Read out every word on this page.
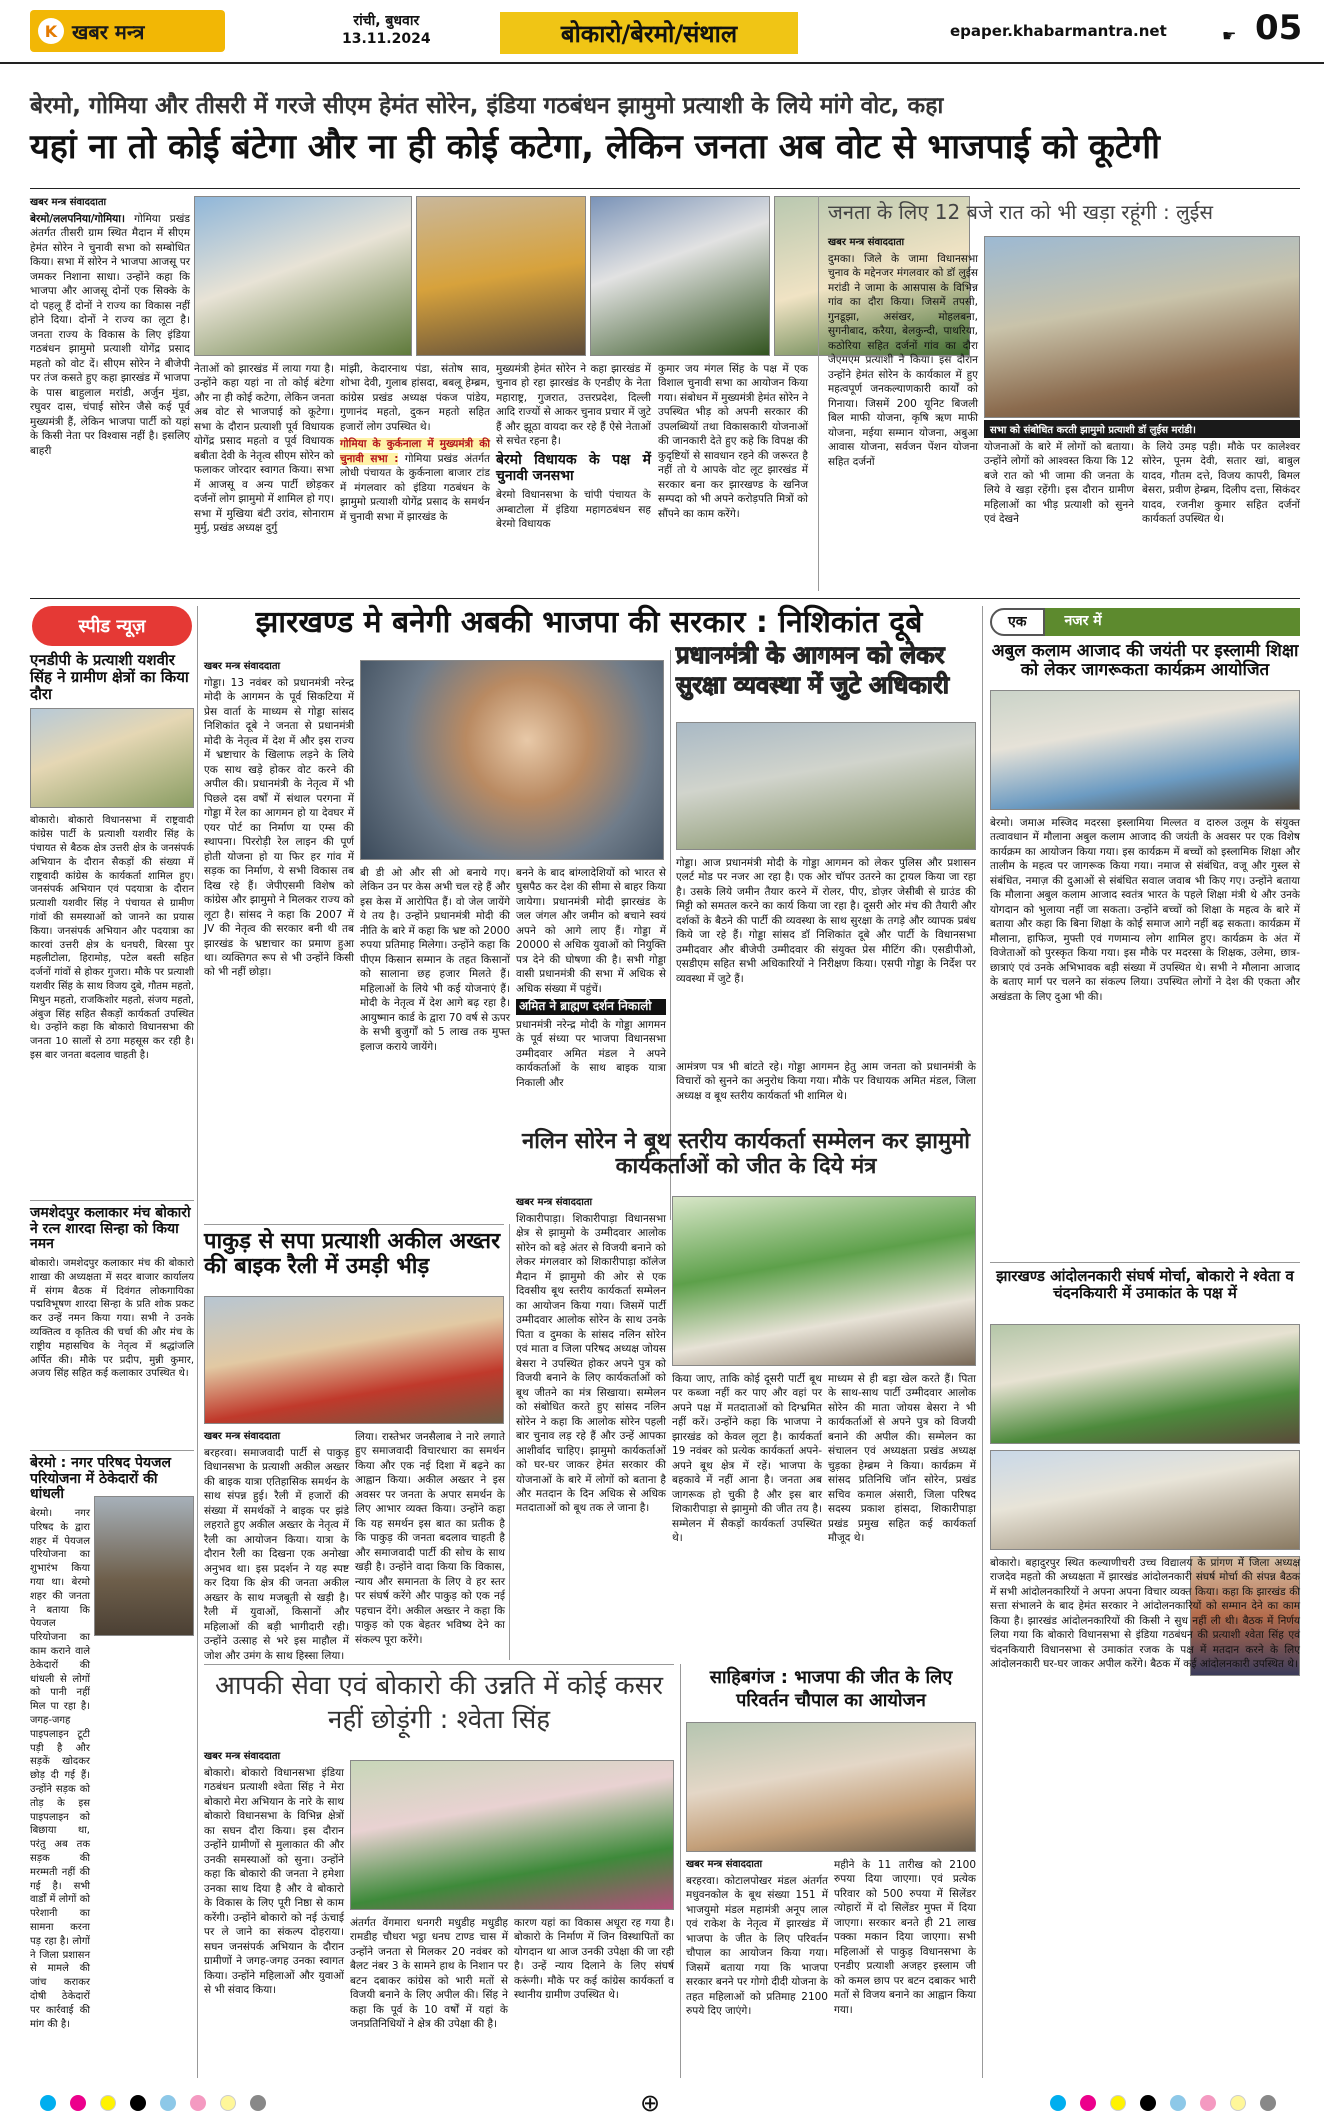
K खबर मन्त्र	रांची, बुधवार
13.11.2024	बोकारो/बेरमो/संथाल	epaper.khabarmantra.net	☛ 05
बेरमो, गोमिया और तीसरी में गरजे सीएम हेमंत सोरेन, इंडिया गठबंधन झामुमो प्रत्याशी के लिये मांगे वोट, कहा
यहां ना तो कोई बंटेगा और ना ही कोई कटेगा, लेकिन जनता अब वोट से भाजपाई को कूटेगी
खबर मन्त्र संवाददाता

बेरमो/ललपनिया/गोमिया। गोमिया प्रखंड अंतर्गत तीसरी ग्राम स्थित मैदान में सीएम हेमंत सोरेन ने चुनावी सभा को सम्बोधित किया। सभा में सोरेन ने भाजपा आजसू पर जमकर निशाना साधा। उन्होंने कहा कि भाजपा और आजसू दोनों एक सिक्के के दो पहलू हैं दोनों ने राज्य का विकास नहीं होने दिया। दोनों ने राज्य का लूटा है। जनता राज्य के विकास के लिए इंडिया गठबंधन झामुमो प्रत्याशी योगेंद्र प्रसाद महतो को वोट दें। सीएम सोरेन ने बीजेपी पर तंज कसते हुए कहा झारखंड में भाजपा के पास बाहुलाल मरांडी, अर्जुन मुंडा, रघुवर दास, चंपाई सोरेन जैसे कई पूर्व मुख्यमंत्री हैं, लेकिन भाजपा पार्टी को यहां के किसी नेता पर विश्वास नहीं है। इसलिए बाहरी

नेताओं को झारखंड में लाया गया है। उन्होंने कहा यहां ना तो कोई बंटेगा और ना ही कोई कटेगा, लेकिन जनता अब वोट से भाजपाई को कूटेगा। सभा के दौरान प्रत्याशी पूर्व विधायक योगेंद्र प्रसाद महतो व पूर्व विधायक बबीता देवी के नेतृत्व सीएम सोरेन को फलाकर जोरदार स्वागत किया। सभा में आजसू व अन्य पार्टी छोड़कर दर्जनों लोग झामुमो में शामिल हो गए। सभा में मुखिया बंटी उरांव, सोनाराम मुर्मु, प्रखंड अध्यक्ष दुर्गु

मांझी, केदारनाथ पंडा, संतोष साव, शोभा देवी, गुलाब हांसदा, बबलू हेम्ब्रम, कांग्रेस प्रखंड अध्यक्ष पंकज पांडेय, गुणानंद महतो, दुकन महतो सहित हजारों लोग उपस्थित थे।

गोमिया के कुर्कनाला में मुख्यमंत्री की चुनावी सभा : गोमिया प्रखंड अंतर्गत लोधी पंचायत के कुर्कनाला बाजार टांड में मंगलवार को इंडिया गठबंधन के झामुमो प्रत्याशी योगेंद्र प्रसाद के समर्थन में चुनावी सभा में झारखंड के

मुख्यमंत्री हेमंत सोरेन ने कहा झारखंड में चुनाव हो रहा झारखंड के एनडीए के नेता महाराष्ट्र, गुजरात, उत्तरप्रदेश, दिल्ली आदि राज्यों से आकर चुनाव प्रचार में जुटे हैं और झूठा वायदा कर रहे हैं ऐसे नेताओं से सचेत रहना है।

बेरमो विधायक के पक्ष में चुनावी जनसभा

बेरमो विधानसभा के चांपी पंचायत के अम्बाटोला में इंडिया महागठबंधन सह बेरमो विधायक

कुमार जय मंगल सिंह के पक्ष में एक विशाल चुनावी सभा का आयोजन किया गया। संबोधन में मुख्यमंत्री हेमंत सोरेन ने उपस्थित भीड़ को अपनी सरकार की उपलब्धियों तथा विकासकारी योजनाओं की जानकारी देते हुए कहे कि विपक्ष की कुदृष्टियों से सावधान रहने की जरूरत है नहीं तो ये आपके वोट लूट झारखंड में सरकार बना कर झारखण्ड के खनिज सम्पदा को भी अपने करोड़पति मित्रों को सौंपने का काम करेंगे।

जनता के लिए 12 बजे रात को भी खड़ा रहूंगी : लुईस
खबर मन्त्र संवाददाता

दुमका। जिले के जामा विधानसभा चुनाव के मद्देनजर मंगलवार को डॉ लुईस मरांडी ने जामा के आसपास के विभिन्न गांव का दौरा किया। जिसमें तपसी, गुनडूझा, असंखर, मोहलबना, सुगनीबाद, करैया, बेलकुन्दी, पाथरिया, कठोरिया सहित दर्जनों गांव का दौरा जेएमएम प्रत्याशी ने किया। इस दौरान उन्होंने हेमंत सोरेन के कार्यकाल में हुए महत्वपूर्ण जनकल्याणकारी कार्यों को गिनाया। जिसमें 200 यूनिट बिजली बिल माफी योजना, कृषि ऋण माफी योजना, मईया सम्मान योजना, अबुआ आवास योजना, सर्वजन पेंशन योजना सहित दर्जनों

सभा को संबोधित करती झामुमो प्रत्याशी डॉ लुईस मरांडी।

योजनाओं के बारे में लोगों को बताया। उन्होंने लोगों को आश्वस्त किया कि 12 बजे रात को भी जामा की जनता के लिये वे खड़ा रहेंगी। इस दौरान ग्रामीण महिलाओं का भीड़ प्रत्याशी को सुनने एवं देखने

के लिये उमड़ पड़ी। मौके पर कालेश्वर सोरेन, पूनम देवी, सतार खां, बाबुल यादव, गौतम दत्ते, विजय कापरी, बिमल बेसरा, प्रवीण हेम्ब्रम, दिलीप दत्ता, सिकंदर यादव, रजनीश कुमार सहित दर्जनों कार्यकर्ता उपस्थित थे।

स्पीड न्यूज़
एनडीपी के प्रत्याशी यशवीर सिंह ने ग्रामीण क्षेत्रों का किया दौरा
बोकारो। बोकारो विधानसभा में राष्ट्रवादी कांग्रेस पार्टी के प्रत्याशी यशवीर सिंह के पंचायत से बैठक क्षेत्र उत्तरी क्षेत्र के जनसंपर्क अभियान के दौरान सैकड़ों की संख्या में राष्ट्रवादी कांग्रेस के कार्यकर्ता शामिल हुए। जनसंपर्क अभियान एवं पदयात्रा के दौरान प्रत्याशी यशवीर सिंह ने पंचायत से ग्रामीण गांवों की समस्याओं को जानने का प्रयास किया। जनसंपर्क अभियान और पदयात्रा का कारवां उत्तरी क्षेत्र के धनघरी, बिरसा पुर महलीटोला, हिरामोड़, पटेल बस्ती सहित दर्जनों गांवों से होकर गुजरा। मौके पर प्रत्याशी यशवीर सिंह के साथ विजय दुबे, गौतम महतो, मिथुन महतो, राजकिशोर महतो, संजय महतो, अंबुज सिंह सहित सैकड़ों कार्यकर्ता उपस्थित थे। उन्होंने कहा कि बोकारो विधानसभा की जनता 10 सालों से ठगा महसूस कर रही है। इस बार जनता बदलाव चाहती है।
जमशेदपुर कलाकार मंच बोकारो ने रत्न शारदा सिन्हा को किया नमन
बोकारो। जमशेदपुर कलाकार मंच की बोकारो शाखा की अध्यक्षता में सदर बाजार कार्यालय में संगम बैठक में दिवंगत लोकगायिका पद्मविभूषण शारदा सिन्हा के प्रति शोक प्रकट कर उन्हें नमन किया गया। सभी ने उनके व्यक्तित्व व कृतित्व की चर्चा की और मंच के राष्ट्रीय महासचिव के नेतृत्व में श्रद्धांजलि अर्पित की। मौके पर प्रदीप, मुन्नी कुमार, अजय सिंह सहित कई कलाकार उपस्थित थे।
बेरमो : नगर परिषद पेयजल परियोजना में ठेकेदारों की धांधली
बेरमो। नगर परिषद के द्वारा शहर में पेयजल परियोजना का शुभारंभ किया गया था। बेरमो शहर की जनता ने बताया कि पेयजल परियोजना का काम कराने वाले ठेकेदारों की धांधली से लोगों को पानी नहीं मिल पा रहा है। जगह-जगह पाइपलाइन टूटी पड़ी है और सड़कें खोदकर छोड़ दी गई हैं। उन्होंने सड़क को तोड़ के इस पाइपलाइन को बिछाया था, परंतु अब तक सड़क की मरम्मती नहीं की गई है। सभी वार्डों में लोगों को परेशानी का सामना करना पड़ रहा है। लोगों ने जिला प्रशासन से मामले की जांच कराकर दोषी ठेकेदारों पर कार्रवाई की मांग की है।
झारखण्ड मे बनेगी अबकी भाजपा की सरकार : निशिकांत दूबे
खबर मन्त्र संवाददाता

गोड्डा। 13 नवंबर को प्रधानमंत्री नरेन्द्र मोदी के आगमन के पूर्व सिकटिया में प्रेस वार्ता के माध्यम से गोड्डा सांसद निशिकांत दूबे ने जनता से प्रधानमंत्री मोदी के नेतृत्व में देश में और इस राज्य में भ्रष्टाचार के खिलाफ लड़ने के लिये एक साथ खड़े होकर वोट करने की अपील की। प्रधानमंत्री के नेतृत्व में भी पिछले दस वर्षों में संथाल परगना में गोड्डा में रेल का आगमन हो या देवघर में एयर पोर्ट का निर्माण या एम्स की स्थापना। पिररोड़ी रेल लाइन की पूर्ण होती योजना हो या फिर हर गांव में सड़क का निर्माण, ये सभी विकास तब दिख रहे हैं। जेपीएसमी विशेष को कांग्रेस और झामुमो ने मिलकर राज्य को लूटा है। सांसद ने कहा कि 2007 में JV की नेतृत्व की सरकार बनी थी तब झारखंड के भ्रष्टाचार का प्रमाण हुआ था। व्यक्तिगत रूप से भी उन्होंने किसी को भी नहीं छोड़ा।

बी डी ओ और सी ओ बनाये गए। लेकिन उन पर केस अभी चल रहे हैं और इस केस में आरोपित हैं। वो जेल जायेंगे ये तय है। उन्होंने प्रधानमंत्री मोदी की नीति के बारे में कहा कि भ्रष्ट को 2000 रुपया प्रतिमाह मिलेगा। उन्होंने कहा कि पीएम किसान सम्मान के तहत किसानों को सालाना छह हजार मिलते हैं। महिलाओं के लिये भी कई योजनाएं हैं। मोदी के नेतृत्व में देश आगे बढ़ रहा है। आयुष्मान कार्ड के द्वारा 70 वर्ष से ऊपर के सभी बुजुर्गों को 5 लाख तक मुफ्त इलाज कराये जायेंगे।

बनने के बाद बांग्लादेशियों को भारत से घुसपैठ कर देश की सीमा से बाहर किया जायेगा। प्रधानमंत्री मोदी झारखंड के जल जंगल और जमीन को बचाने स्वयं अपने को आगे लाए हैं। गोड्डा में 20000 से अधिक युवाओं को नियुक्ति पत्र देने की घोषणा की है। सभी गोड्डा वासी प्रधानमंत्री की सभा में अधिक से अधिक संख्या में पहुंचें।

अमित ने ब्राह्मण दर्शन निकाली

प्रधानमंत्री नरेन्द्र मोदी के गोड्डा आगमन के पूर्व संध्या पर भाजपा विधानसभा उम्मीदवार अमित मंडल ने अपने कार्यकर्ताओं के साथ बाइक यात्रा निकाली और

प्रधानमंत्री के आगमन को लेकर सुरक्षा व्यवस्था में जुटे अधिकारी

गोड्डा। आज प्रधानमंत्री मोदी के गोड्डा आगमन को लेकर पुलिस और प्रशासन एलर्ट मोड पर नजर आ रहा है। एक ओर चॉपर उतरने का ट्रायल किया जा रहा है। उसके लिये जमीन तैयार करने में रोलर, पीए, डोज़र जेसीबी से ग्राउंड की मिट्टी को समतल करने का कार्य किया जा रहा है। दूसरी ओर मंच की तैयारी और दर्शकों के बैठने की पार्टी की व्यवस्था के साथ सुरक्षा के तगड़े और व्यापक प्रबंध किये जा रहे हैं। गोड्डा सांसद डॉ निशिकांत दूबे और पार्टी के विधानसभा उम्मीदवार और बीजेपी उम्मीदवार की संयुक्त प्रेस मीटिंग की। एसडीपीओ, एसडीएम सहित सभी अधिकारियों ने निरीक्षण किया। एसपी गोड्डा के निर्देश पर व्यवस्था में जुटे हैं।

आमंत्रण पत्र भी बांटते रहे। गोड्डा आगमन हेतु आम जनता को प्रधानमंत्री के विचारों को सुनने का अनुरोध किया गया। मौके पर विधायक अमित मंडल, जिला अध्यक्ष व बूथ स्तरीय कार्यकर्ता भी शामिल थे।

पाकुड़ से सपा प्रत्याशी अकील अख्तर की बाइक रैली में उमड़ी भीड़
खबर मन्त्र संवाददाता

बरहरवा। समाजवादी पार्टी से पाकुड़ विधानसभा के प्रत्याशी अकील अख्तर की बाइक यात्रा एतिहासिक समर्थन के साथ संपन्न हुई। रैली में हजारों की संख्या में समर्थकों ने बाइक पर झंडे लहराते हुए अकील अख्तर के नेतृत्व में रैली का आयोजन किया। यात्रा के दौरान रैली का दिखना एक अनोखा अनुभव था। इस प्रदर्शन ने यह स्पष्ट कर दिया कि क्षेत्र की जनता अकील अख्तर के साथ मजबूती से खड़ी है। रैली में युवाओं, किसानों और महिलाओं की बड़ी भागीदारी रही। उन्होंने उत्साह से भरे इस माहौल में जोश और उमंग के साथ हिस्सा लिया।

लिया। रास्तेभर जनसैलाब ने नारे लगाते हुए समाजवादी विचारधारा का समर्थन किया और एक नई दिशा में बढ़ने का आह्वान किया। अकील अख्तर ने इस अवसर पर जनता के अपार समर्थन के लिए आभार व्यक्त किया। उन्होंने कहा कि यह समर्थन इस बात का प्रतीक है कि पाकुड़ की जनता बदलाव चाहती है और समाजवादी पार्टी की सोच के साथ खड़ी है। उन्होंने वादा किया कि विकास, न्याय और समानता के लिए वे हर स्तर पर संघर्ष करेंगे और पाकुड़ को एक नई पहचान देंगे। अकील अख्तर ने कहा कि पाकुड़ को एक बेहतर भविष्य देने का संकल्प पूरा करेंगे।

नलिन सोरेन ने बूथ स्तरीय कार्यकर्ता सम्मेलन कर झामुमो कार्यकर्ताओं को जीत के दिये मंत्र
खबर मन्त्र संवाददाता

शिकारीपाड़ा। शिकारीपाड़ा विधानसभा क्षेत्र से झामुमो के उम्मीदवार आलोक सोरेन को बड़े अंतर से विजयी बनाने को लेकर मंगलवार को शिकारीपाड़ा कॉलेज मैदान में झामुमो की ओर से एक दिवसीय बूथ स्तरीय कार्यकर्ता सम्मेलन का आयोजन किया गया। जिसमें पार्टी उम्मीदवार आलोक सोरेन के साथ उनके पिता व दुमका के सांसद नलिन सोरेन एवं माता व जिला परिषद अध्यक्ष जोयस बेसरा ने उपस्थित होकर अपने पुत्र को विजयी बनाने के लिए कार्यकर्ताओं को बूथ जीतने का मंत्र सिखाया। सम्मेलन को संबोधित करते हुए सांसद नलिन सोरेन ने कहा कि आलोक सोरेन पहली बार चुनाव लड़ रहे हैं और उन्हें आपका आशीर्वाद चाहिए। झामुमो कार्यकर्ताओं को घर-घर जाकर हेमंत सरकार की योजनाओं के बारे में लोगों को बताना है और मतदान के दिन अधिक से अधिक मतदाताओं को बूथ तक ले जाना है।

किया जाए, ताकि कोई दूसरी पार्टी बूथ पर कब्जा नहीं कर पाए और वहां पर अपने पक्ष में मतदाताओं को दिग्भ्रमित नहीं करें। उन्होंने कहा कि भाजपा ने झारखंड को केवल लूटा है। कार्यकर्ता 19 नवंबर को प्रत्येक कार्यकर्ता अपने-अपने बूथ क्षेत्र में रहें। भाजपा के बहकावे में नहीं आना है। जनता अब जागरूक हो चुकी है और इस बार शिकारीपाड़ा से झामुमो की जीत तय है। सम्मेलन में सैकड़ों कार्यकर्ता उपस्थित थे।

माध्यम से ही बड़ा खेल करते हैं। पिता के साथ-साथ पार्टी उम्मीदवार आलोक सोरेन की माता जोयस बेसरा ने भी कार्यकर्ताओं से अपने पुत्र को विजयी बनाने की अपील की। सम्मेलन का संचालन एवं अध्यक्षता प्रखंड अध्यक्ष चुड़का हेम्ब्रम ने किया। कार्यक्रम में सांसद प्रतिनिधि जॉन सोरेन, प्रखंड सचिव कमाल अंसारी, जिला परिषद सदस्य प्रकाश हांसदा, शिकारीपाड़ा प्रखंड प्रमुख सहित कई कार्यकर्ता मौजूद थे।

आपकी सेवा एवं बोकारो की उन्नति में कोई कसर नहीं छोड़ूंगी : श्वेता सिंह
खबर मन्त्र संवाददाता

बोकारो। बोकारो विधानसभा इंडिया गठबंधन प्रत्याशी श्वेता सिंह ने मेरा बोकारो मेरा अभियान के नारे के साथ बोकारो विधानसभा के विभिन्न क्षेत्रों का सघन दौरा किया। इस दौरान उन्होंने ग्रामीणों से मुलाकात की और उनकी समस्याओं को सुना। उन्होंने कहा कि बोकारो की जनता ने हमेशा उनका साथ दिया है और वे बोकारो के विकास के लिए पूरी निष्ठा से काम करेंगी। उन्होंने बोकारो को नई ऊंचाई पर ले जाने का संकल्प दोहराया। सघन जनसंपर्क अभियान के दौरान ग्रामीणों ने जगह-जगह उनका स्वागत किया। उन्होंने महिलाओं और युवाओं से भी संवाद किया।

अंतर्गत वेंगमारा धनगरी मधुडीह मधुडीह रामडीह चौधरा भट्ठा धनघ टाण्ड चास में उन्होंने जनता से मिलकर 20 नवंबर को बैलट नंबर 3 के सामने हाथ के निशान पर बटन दबाकर कांग्रेस को भारी मतों से विजयी बनाने के लिए अपील की। सिंह ने कहा कि पूर्व के 10 वर्षों में यहां के जनप्रतिनिधियों ने क्षेत्र की उपेक्षा की है।

कारण यहां का विकास अधूरा रह गया है। बोकारो के निर्माण में जिन विस्थापितों का योगदान था आज उनकी उपेक्षा की जा रही है। उन्हें न्याय दिलाने के लिए संघर्ष करूंगी। मौके पर कई कांग्रेस कार्यकर्ता व स्थानीय ग्रामीण उपस्थित थे।

साहिबगंज : भाजपा की जीत के लिए परिवर्तन चौपाल का आयोजन
खबर मन्त्र संवाददाता

बरहरवा। कोटालपोखर मंडल अंतर्गत मधुवनकोल के बूथ संख्या 151 में भाजयुमो मंडल महामंत्री अनूप लाल एवं राकेश के नेतृत्व में झारखंड में भाजपा के जीत के लिए परिवर्तन चौपाल का आयोजन किया गया। जिसमें बताया गया कि भाजपा सरकार बनने पर गोगो दीदी योजना के तहत महिलाओं को प्रतिमाह 2100 रुपये दिए जाएंगे।

महीने के 11 तारीख को 2100 रुपया दिया जाएगा। एवं प्रत्येक परिवार को 500 रुपया में सिलेंडर त्योहारों में दो सिलेंडर मुफ्त में दिया जाएगा। सरकार बनते ही 21 लाख पक्का मकान दिया जाएगा। सभी महिलाओं से पाकुड़ विधानसभा के एनडीए प्रत्याशी अजहर इस्लाम जी को कमल छाप पर बटन दबाकर भारी मतों से विजय बनाने का आह्वान किया गया।

एक	नजर में
अबुल कलाम आजाद की जयंती पर इस्लामी शिक्षा को लेकर जागरूकता कार्यक्रम आयोजित

बेरमो। जमाअ मस्जिद मदरसा इस्लामिया मिल्लत व दारुल उलूम के संयुक्त तत्वावधान में मौलाना अबुल कलाम आजाद की जयंती के अवसर पर एक विशेष कार्यक्रम का आयोजन किया गया। इस कार्यक्रम में बच्चों को इस्लामिक शिक्षा और तालीम के महत्व पर जागरूक किया गया। नमाज से संबंधित, वजू और गुस्ल से संबंधित, नमाज़ की दुआओं से संबंधित सवाल जवाब भी किए गए। उन्होंने बताया कि मौलाना अबुल कलाम आजाद स्वतंत्र भारत के पहले शिक्षा मंत्री थे और उनके योगदान को भुलाया नहीं जा सकता। उन्होंने बच्चों को शिक्षा के महत्व के बारे में बताया और कहा कि बिना शिक्षा के कोई समाज आगे नहीं बढ़ सकता। कार्यक्रम में मौलाना, हाफिज, मुफ्ती एवं गणमान्य लोग शामिल हुए। कार्यक्रम के अंत में विजेताओं को पुरस्कृत किया गया। इस मौके पर मदरसा के शिक्षक, उलेमा, छात्र-छात्राएं एवं उनके अभिभावक बड़ी संख्या में उपस्थित थे। सभी ने मौलाना आजाद के बताए मार्ग पर चलने का संकल्प लिया। उपस्थित लोगों ने देश की एकता और अखंडता के लिए दुआ भी की।

झारखण्ड आंदोलनकारी संघर्ष मोर्चा, बोकारो ने श्वेता व चंदनकियारी में उमाकांत के पक्ष में

बोकारो। बहादुरपुर स्थित कल्याणीचरी उच्च विद्यालय के प्रांगण में जिला अध्यक्ष राजदेव महतो की अध्यक्षता में झारखंड आंदोलनकारी संघर्ष मोर्चा की संपन्न बैठक में सभी आंदोलनकारियों ने अपना अपना विचार व्यक्त किया। कहा कि झारखंड की सत्ता संभालने के बाद हेमंत सरकार ने आंदोलनकारियों को सम्मान देने का काम किया है। झारखंड आंदोलनकारियों की किसी ने सुध नहीं ली थी। बैठक में निर्णय लिया गया कि बोकारो विधानसभा से इंडिया गठबंधन की प्रत्याशी श्वेता सिंह एवं चंदनकियारी विधानसभा से उमाकांत रजक के पक्ष में मतदान करने के लिए आंदोलनकारी घर-घर जाकर अपील करेंगे। बैठक में कई आंदोलनकारी उपस्थित थे।

⊕
